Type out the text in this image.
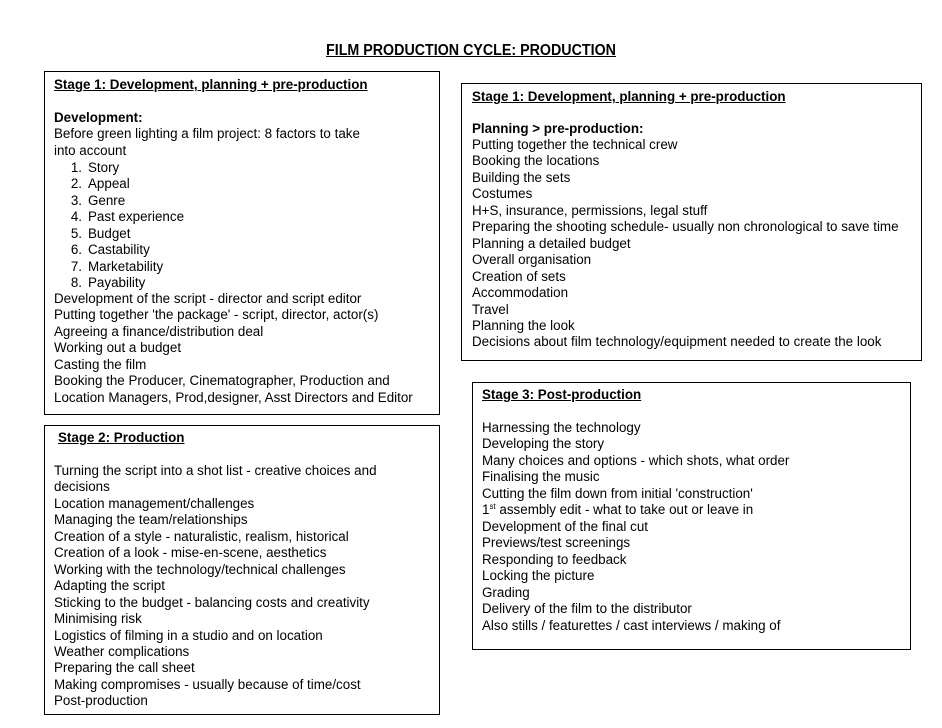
FILM PRODUCTION CYCLE: PRODUCTION
Stage 1: Development, planning + pre-production
Development:
Before green lighting a film project: 8 factors to take
into account
1. Story
2. Appeal
3. Genre
4. Past experience
5. Budget
6. Castability
7. Marketability
8. Payability
Development of the script - director and script editor
Putting together 'the package' - script, director, actor(s)
Agreeing a finance/distribution deal
Working out a budget
Casting the film
Booking the Producer, Cinematographer, Production and
Location Managers, Prod,designer, Asst Directors and Editor
Stage 1: Development, planning + pre-production
Planning > pre-production:
Putting together the technical crew
Booking the locations
Building the sets
Costumes
H+S, insurance, permissions, legal stuff
Preparing the shooting schedule- usually non chronological to save time
Planning a detailed budget
Overall organisation
Creation of sets
Accommodation
Travel
Planning the look
Decisions about film technology/equipment needed to create the look
Stage 2: Production
Turning the script into a shot list - creative choices and
decisions
Location management/challenges
Managing the team/relationships
Creation of a style - naturalistic, realism, historical
Creation of a look - mise-en-scene, aesthetics
Working with the technology/technical challenges
Adapting the script
Sticking to the budget - balancing costs and creativity
Minimising risk
Logistics of filming in a studio and on location
Weather complications
Preparing the call sheet
Making compromises - usually because of time/cost
Post-production
Stage 3: Post-production
Harnessing the technology
Developing the story
Many choices and options - which shots, what order
Finalising the music
Cutting the film down from initial 'construction'
1st assembly edit - what to take out or leave in
Development of the final cut
Previews/test screenings
Responding to feedback
Locking the picture
Grading
Delivery of the film to the distributor
Also stills / featurettes / cast interviews / making of
